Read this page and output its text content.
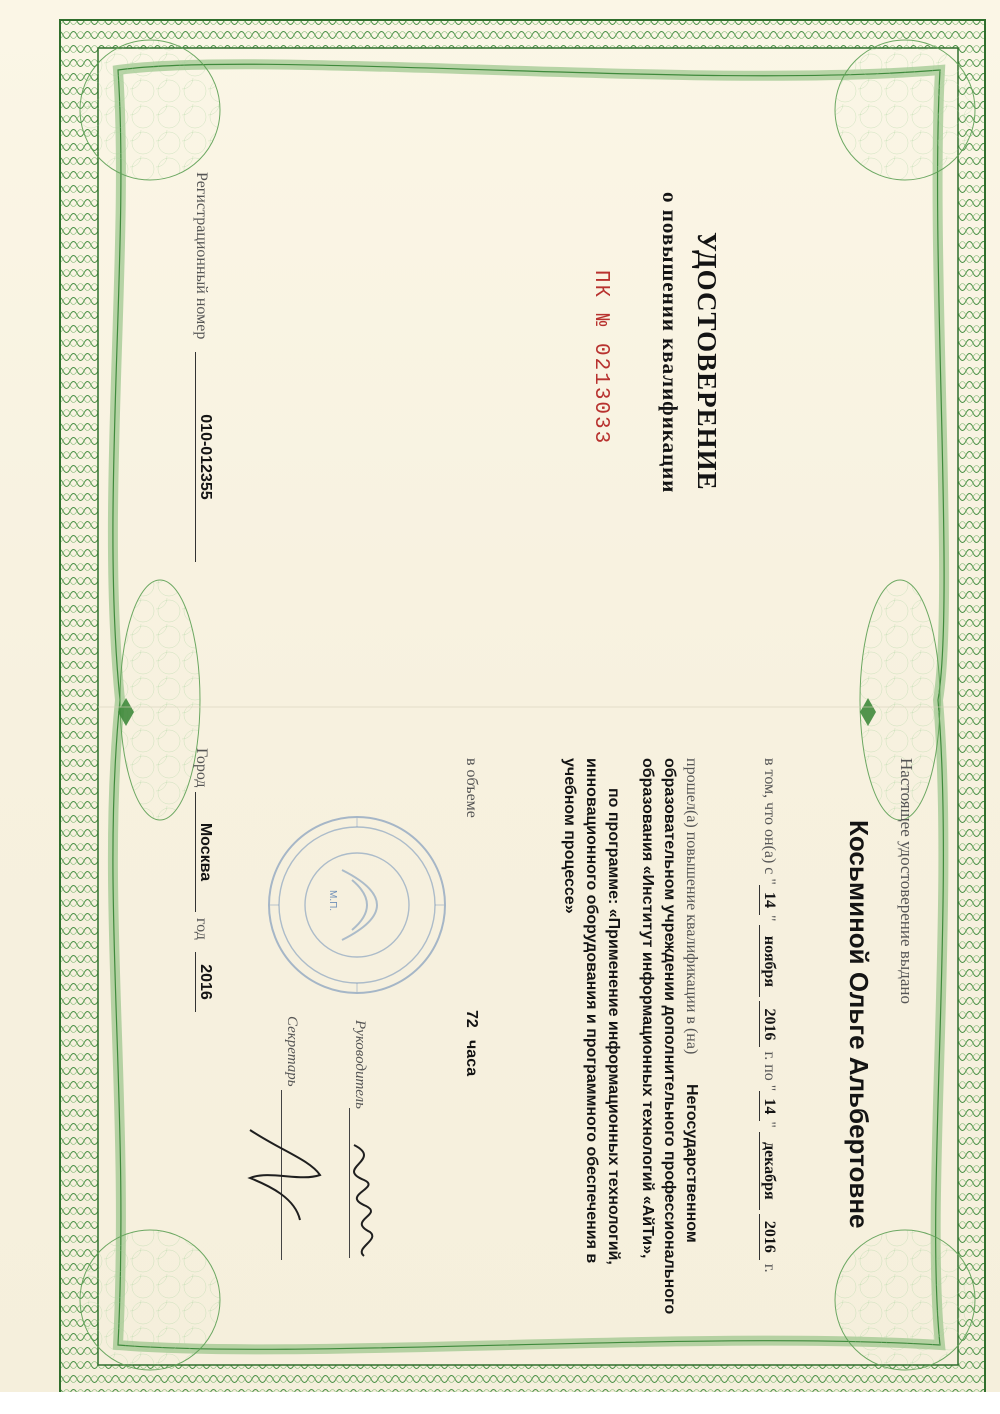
УДОСТОВЕРЕНИЕ
о повышении квалификации
ПК № 0213033
Регистрационный номер
010-012355
Город
Москва
год
2016	Настоящее удостоверение выдано
Косьминой Ольге Альбертовне
в том, что он(а) с "14" ноября 2016 г. по "14" декабря 2016 г.
прошел(а) повышение квалификации в (на)
Негосударственном
образовательном учреждении дополнительного профессионального
образования «Институт информационных технологий «АйТи»,
по программе: «Применение информационных технологий,
инновационного оборудования и программного обеспечения в
учебном процессе»
в объеме
72
часа
М.П.
Руководитель
Секретарь
